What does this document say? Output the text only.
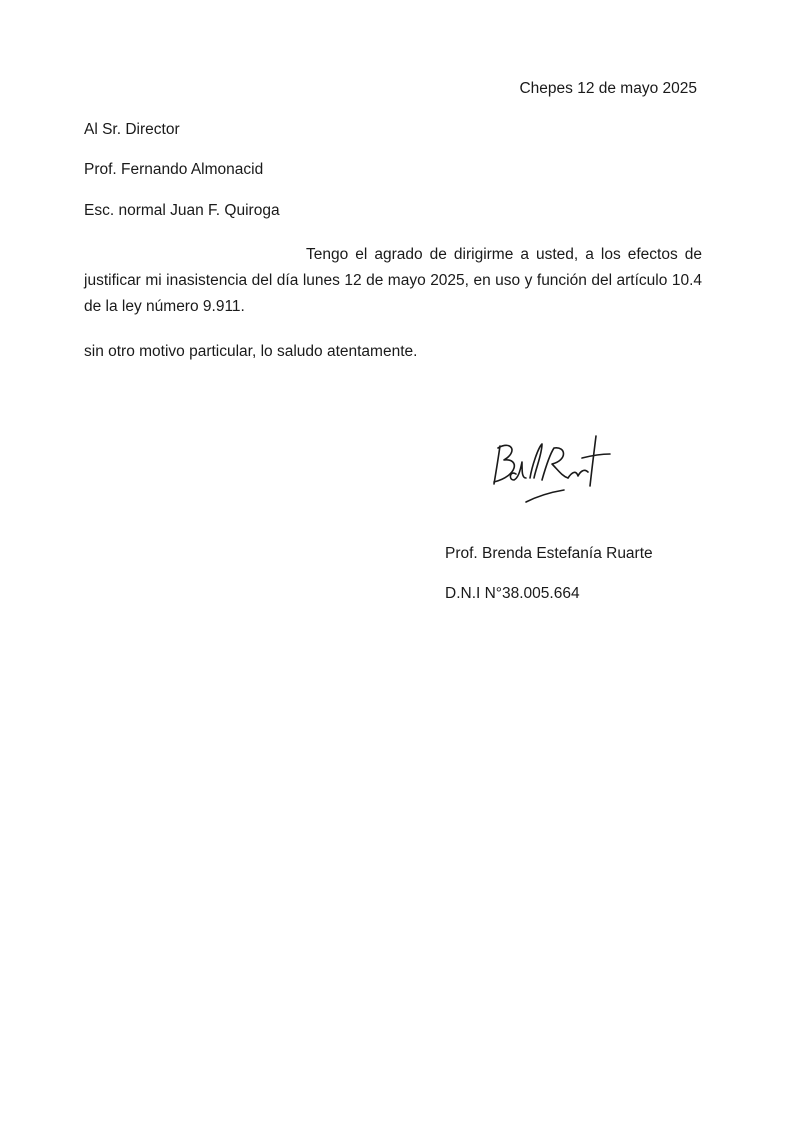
Chepes 12 de mayo 2025
Al Sr. Director
Prof. Fernando Almonacid
Esc. normal Juan F. Quiroga

Tengo el agrado de dirigirme a usted, a los efectos de justificar mi inasistencia del día lunes 12 de mayo 2025, en uso y función del artículo 10.4 de la ley número 9.911.

sin otro motivo particular, lo saludo atentamente.
Prof. Brenda Estefanía Ruarte
D.N.I N°38.005.664
